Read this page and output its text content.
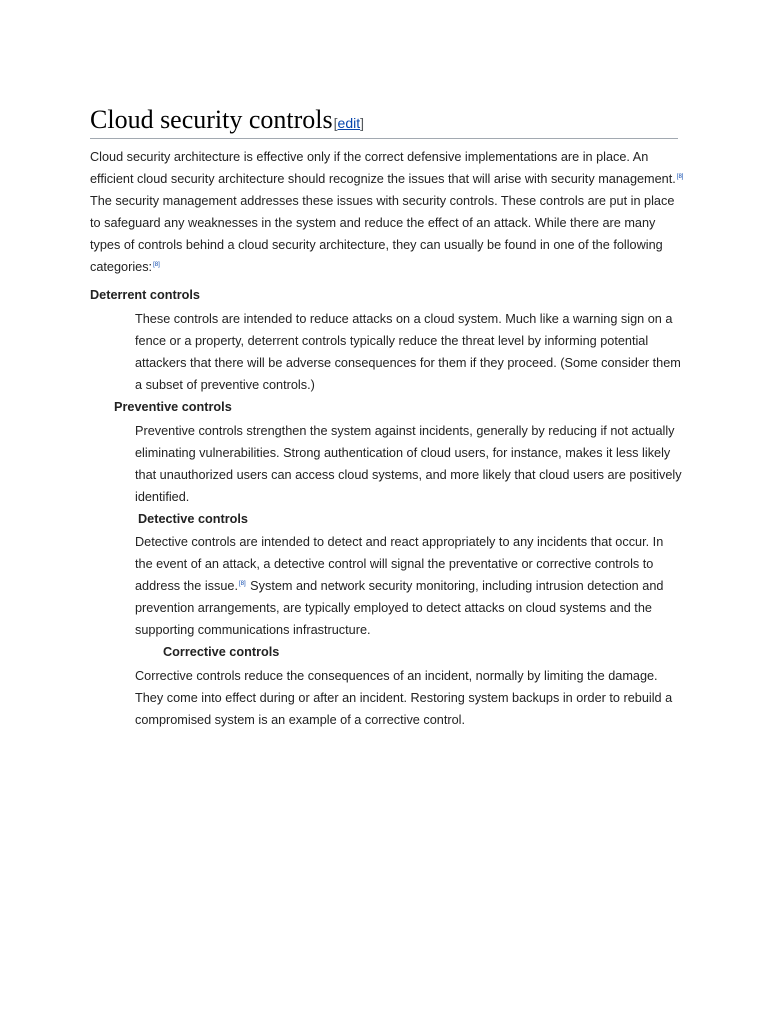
Cloud security controls[edit]

Cloud security architecture is effective only if the correct defensive implementations are in place. An efficient cloud security architecture should recognize the issues that will arise with security management.[8] The security management addresses these issues with security controls. These controls are put in place to safeguard any weaknesses in the system and reduce the effect of an attack. While there are many types of controls behind a cloud security architecture, they can usually be found in one of the following categories:[8]

Deterrent controls

These controls are intended to reduce attacks on a cloud system. Much like a warning sign on a fence or a property, deterrent controls typically reduce the threat level by informing potential attackers that there will be adverse consequences for them if they proceed. (Some consider them a subset of preventive controls.)

Preventive controls

Preventive controls strengthen the system against incidents, generally by reducing if not actually eliminating vulnerabilities. Strong authentication of cloud users, for instance, makes it less likely that unauthorized users can access cloud systems, and more likely that cloud users are positively identified.

Detective controls

Detective controls are intended to detect and react appropriately to any incidents that occur. In the event of an attack, a detective control will signal the preventative or corrective controls to address the issue.[8] System and network security monitoring, including intrusion detection and prevention arrangements, are typically employed to detect attacks on cloud systems and the supporting communications infrastructure.

Corrective controls

Corrective controls reduce the consequences of an incident, normally by limiting the damage. They come into effect during or after an incident. Restoring system backups in order to rebuild a compromised system is an example of a corrective control.
